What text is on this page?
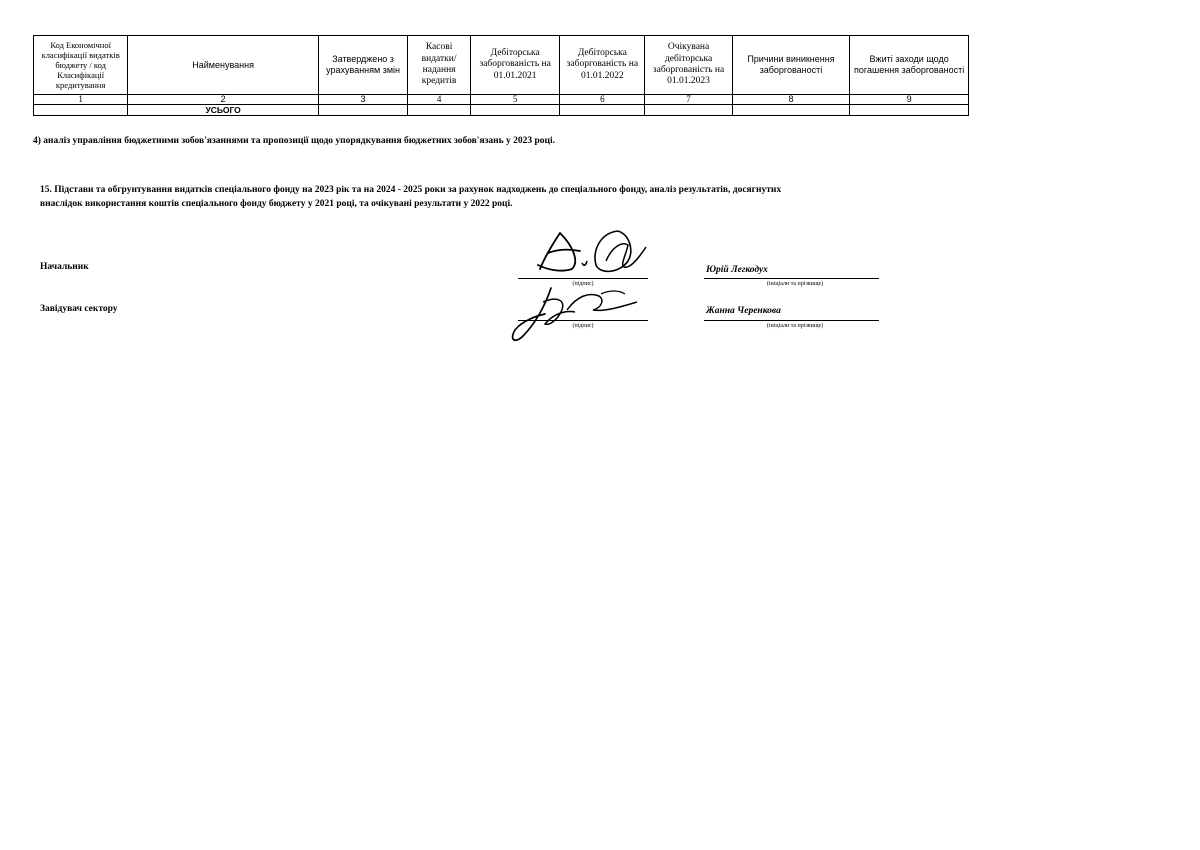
Код Економічної класифікації видатків бюджету / код Класифікації кредитування	Найменування	Затверджено з урахуванням змін	Касові видатки/ надання кредитів	Дебіторська заборгованість на 01.01.2021	Дебіторська заборгованість на 01.01.2022	Очікувана дебіторська заборгованість на 01.01.2023	Причини виникнення заборгованості	Вжиті заходи щодо погашення заборгованості
1	2	3	4	5	6	7	8	9
	УСЬОГО							
4) аналіз управління бюджетними зобов'язаннями та пропозиції щодо упорядкування бюджетних зобов'язань у 2023 році.
15. Підстави та обгрунтування видатків спеціального фонду на 2023 рік та на 2024 - 2025 роки за рахунок надходжень до спеціального фонду, аналіз результатів, досягнутих
внаслідок використання коштів спеціального фонду бюджету у 2021 році, та очікувані результати у 2022 році.
Начальник
(підпис)
Юрій Легкодух
(ініціали та прізвище)
Завідувач сектору
(підпис)
Жанна Черенкова
(ініціали та прізвище)
